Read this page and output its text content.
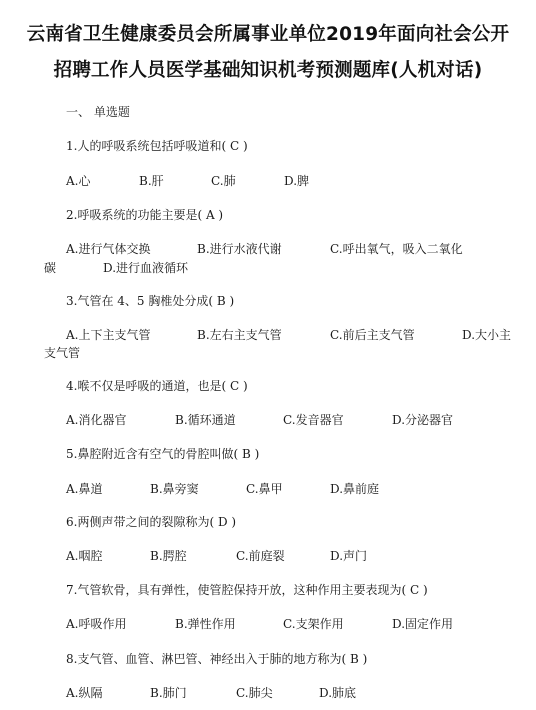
云南省卫生健康委员会所属事业单位2019年面向社会公开
招聘工作人员医学基础知识机考预测题库(人机对话)
一、 单选题
1.人的呼吸系统包括呼吸道和( C )
A.心	B.肝	C.肺	D.脾
2.呼吸系统的功能主要是( A )
A.进行气体交换	B.进行水液代谢	C.呼出氧气，吸入二氧化
碳	D.进行血液循环
3.气管在 4、5 胸椎处分成( B )
A.上下主支气管	B.左右主支气管	C.前后主支气管	D.大小主
支气管
4.喉不仅是呼吸的通道，也是( C )
A.消化器官	B.循环通道	C.发音器官	D.分泌器官
5.鼻腔附近含有空气的骨腔叫做( B )
A.鼻道	B.鼻旁窦	C.鼻甲	D.鼻前庭
6.两侧声带之间的裂隙称为( D )
A.咽腔	B.腭腔	C.前庭裂	D.声门
7.气管软骨，具有弹性，使管腔保持开放，这种作用主要表现为( C )
A.呼吸作用	B.弹性作用	C.支架作用	D.固定作用
8.支气管、血管、淋巴管、神经出入于肺的地方称为( B )
A.纵隔	B.肺门	C.肺尖	D.肺底
